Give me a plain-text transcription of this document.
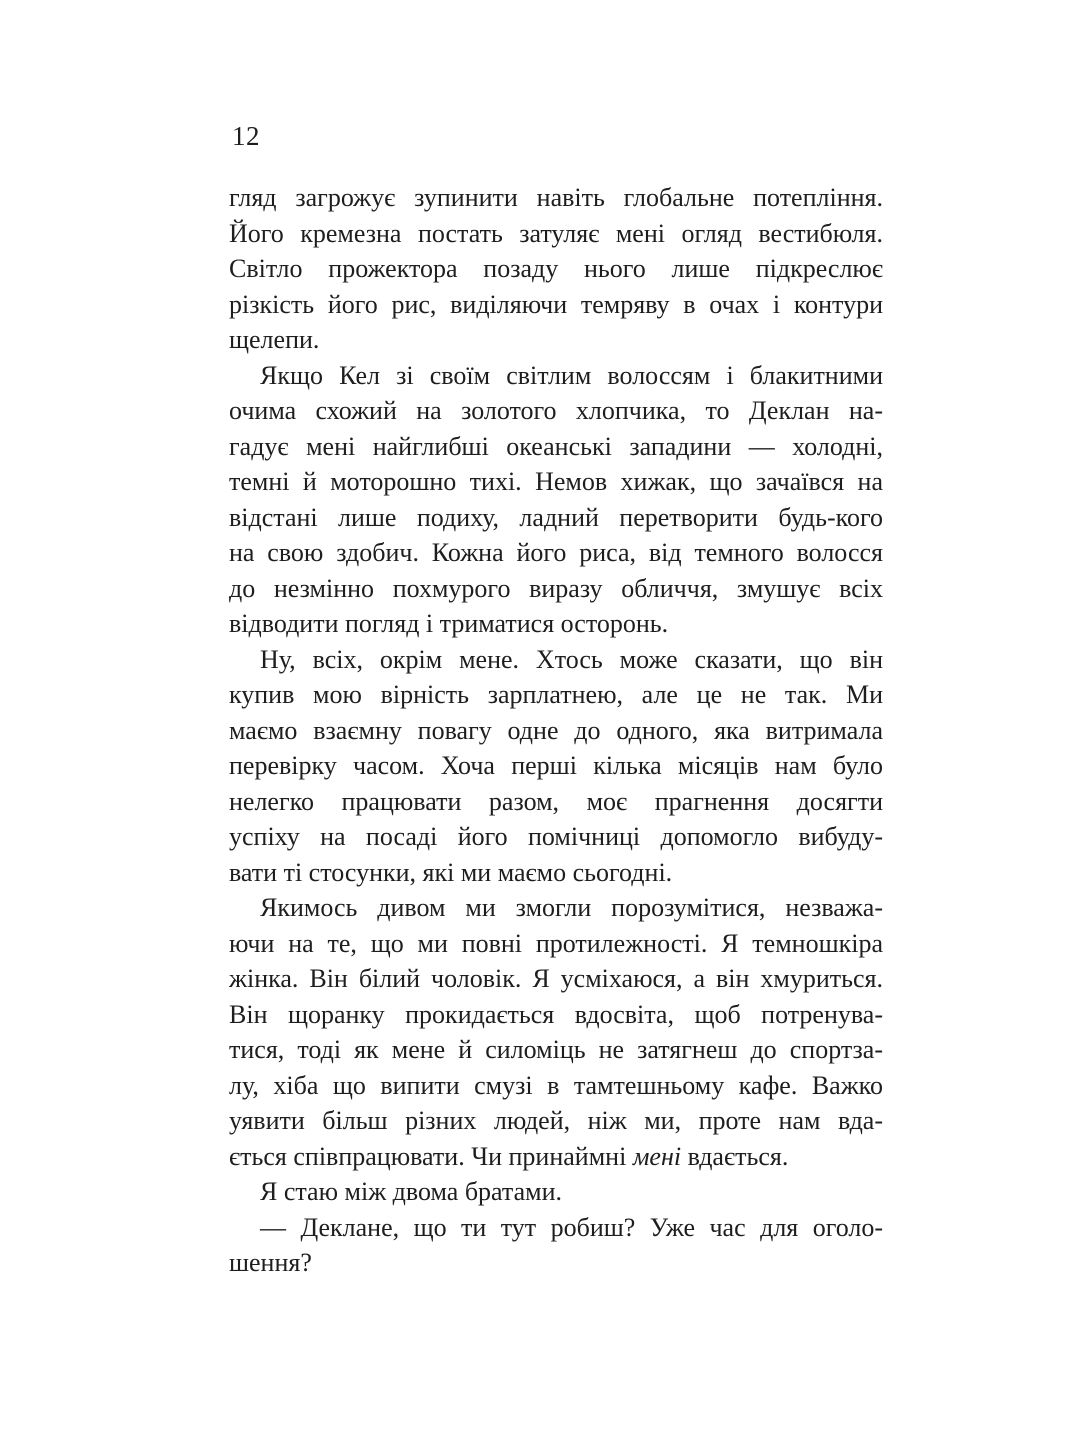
12
гляд загрожує зупинити навіть глобальне потепління.
Його кремезна постать затуляє мені огляд вестибюля.
Світло прожектора позаду нього лише підкреслює
різкість його рис, виділяючи темряву в очах і контури
щелепи.
Якщо Кел зі своїм світлим волоссям і блакитними
очима схожий на золотого хлопчика, то Деклан на-
гадує мені найглибші океанські западини — холодні,
темні й моторошно тихі. Немов хижак, що зачаївся на
відстані лише подиху, ладний перетворити будь-кого
на свою здобич. Кожна його риса, від темного волосся
до незмінно похмурого виразу обличчя, змушує всіх
відводити погляд і триматися осторонь.
Ну, всіх, окрім мене. Хтось може сказати, що він
купив мою вірність зарплатнею, але це не так. Ми
маємо взаємну повагу одне до одного, яка витримала
перевірку часом. Хоча перші кілька місяців нам було
нелегко працювати разом, моє прагнення досягти
успіху на посаді його помічниці допомогло вибуду-
вати ті стосунки, які ми маємо сьогодні.
Якимось дивом ми змогли порозумітися, незважа-
ючи на те, що ми повні протилежності. Я темношкіра
жінка. Він білий чоловік. Я усміхаюся, а він хмуриться.
Він щоранку прокидається вдосвіта, щоб потренува-
тися, тоді як мене й силоміць не затягнеш до спортза-
лу, хіба що випити смузі в тамтешньому кафе. Важко
уявити більш різних людей, ніж ми, проте нам вда-
ється співпрацювати. Чи принаймні мені вдається.
Я стаю між двома братами.
— Деклане, що ти тут робиш? Уже час для оголо-
шення?
